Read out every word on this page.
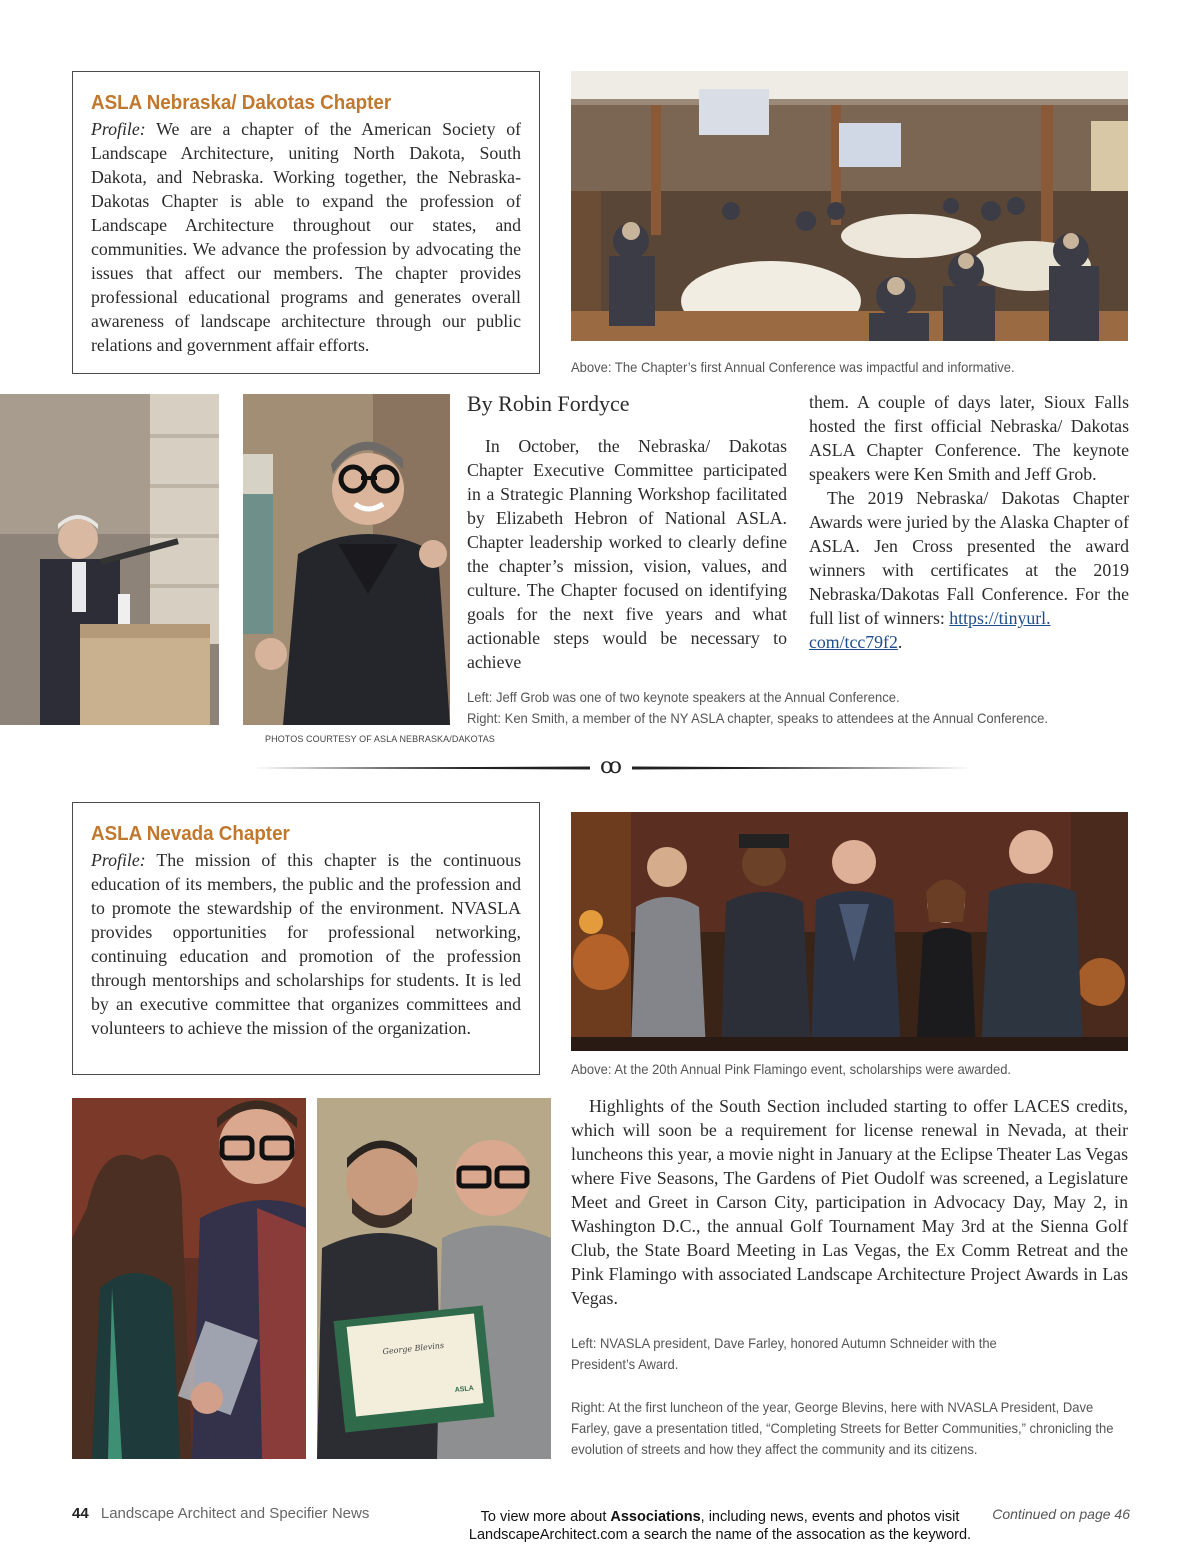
ASLA Nebraska/ Dakotas Chapter

Profile: We are a chapter of the American Society of Landscape Architecture, uniting North Dakota, South Dakota, and Nebraska. Working together, the Nebraska-Dakotas Chapter is able to expand the profession of Landscape Architecture throughout our states, and communities. We advance the profession by advocating the issues that affect our members. The chapter provides professional educational programs and generates overall awareness of landscape architecture through our public relations and government affair efforts.

Above: The Chapter’s first Annual Conference was impactful and informative.

PHOTOS COURTESY OF ASLA NEBRASKA/DAKOTAS
By Robin Fordyce

In October, the Nebraska/ Dakotas Chapter Executive Committee participated in a Strategic Planning Workshop facilitated by Elizabeth Hebron of National ASLA. Chapter leadership worked to clearly define the chapter’s mission, vision, values, and culture. The Chapter focused on identifying goals for the next five years and what actionable steps would be necessary to achieve

them. A couple of days later, Sioux Falls hosted the first official Nebraska/ Dakotas ASLA Chapter Conference. The keynote speakers were Ken Smith and Jeff Grob.

The 2019 Nebraska/ Dakotas Chapter Awards were juried by the Alaska Chapter of ASLA. Jen Cross presented the award winners with certificates at the 2019 Nebraska/Dakotas Fall Conference. For the full list of winners: https://tinyurl.
com/tcc79f2.

Left: Jeff Grob was one of two keynote speakers at the Annual Conference.

Right: Ken Smith, a member of the NY ASLA chapter, speaks to attendees at the Annual Conference.

ꝏ
ASLA Nevada Chapter

Profile: The mission of this chapter is the continuous education of its members, the public and the profession and to promote the stewardship of the environment. NVASLA provides opportunities for professional networking, continuing education and promotion of the profession through mentorships and scholarships for students. It is led by an executive committee that organizes committees and volunteers to achieve the mission of the organization.

Above: At the 20th Annual Pink Flamingo event, scholarships were awarded.

George Blevins
ASLA

Highlights of the South Section included starting to offer LACES credits, which will soon be a requirement for license renewal in Nevada, at their luncheons this year, a movie night in January at the Eclipse Theater Las Vegas where Five Seasons, The Gardens of Piet Oudolf was screened, a Legislature Meet and Greet in Carson City, participation in Advocacy Day, May 2, in Washington D.C., the annual Golf Tournament May 3rd at the Sienna Golf Club, the State Board Meeting in Las Vegas, the Ex Comm Retreat and the Pink Flamingo with associated Landscape Architecture Project Awards in Las Vegas.

Left: NVASLA president, Dave Farley, honored Autumn Schneider with the President’s Award.

Right: At the first luncheon of the year, George Blevins, here with NVASLA President, Dave Farley, gave a presentation titled, “Completing Streets for Better Communities,” chronicling the evolution of streets and how they affect the community and its citizens.

44 Landscape Architect and Specifier News	To view more about Associations, including news, events and photos visit
LandscapeArchitect.com a search the name of the assocation as the keyword.
Continued on page 46
